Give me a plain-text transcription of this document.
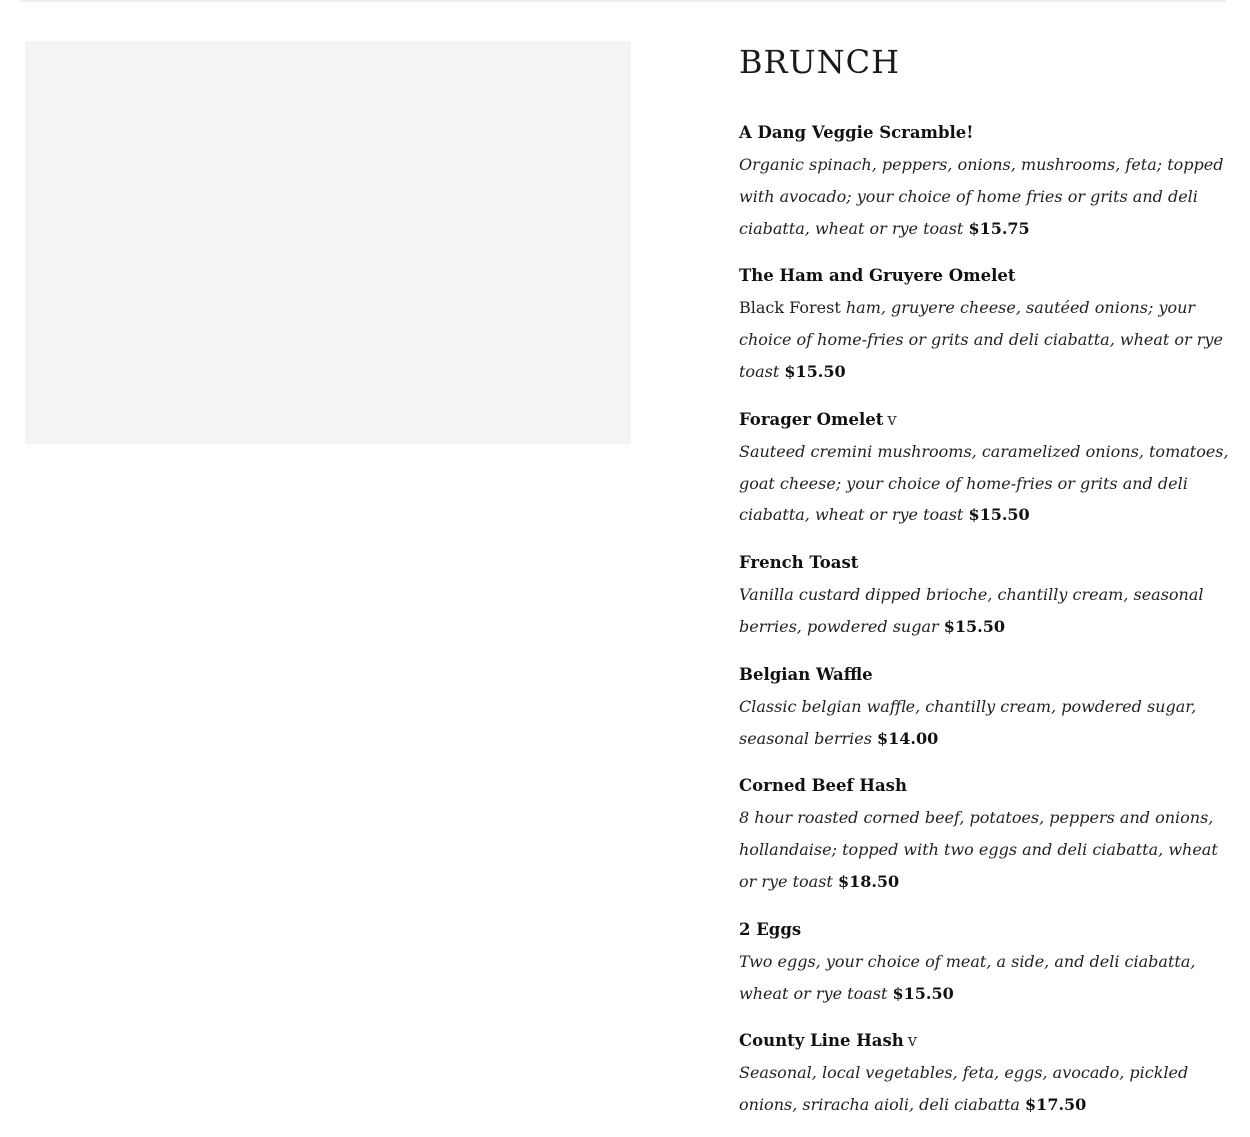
BRUNCH
A Dang Veggie Scramble!

Organic spinach, peppers, onions, mushrooms, feta; topped with avocado; your choice of home fries or grits and deli ciabatta, wheat or rye toast $15.75

The Ham and Gruyere Omelet

Black Forest ham, gruyere cheese, sautéed onions; your choice of home-fries or grits and deli ciabatta, wheat or rye toast $15.50

Forager Omelet v

Sauteed cremini mushrooms, caramelized onions, tomatoes, goat cheese; your choice of home-fries or grits and deli ciabatta, wheat or rye toast $15.50

French Toast

Vanilla custard dipped brioche, chantilly cream, seasonal berries, powdered sugar $15.50

Belgian Waffle

Classic belgian waffle, chantilly cream, powdered sugar, seasonal berries $14.00

Corned Beef Hash

8 hour roasted corned beef, potatoes, peppers and onions, hollandaise; topped with two eggs and deli ciabatta, wheat or rye toast $18.50

2 Eggs

Two eggs, your choice of meat, a side, and deli ciabatta, wheat or rye toast $15.50

County Line Hash v

Seasonal, local vegetables, feta, eggs, avocado, pickled onions, sriracha aioli, deli ciabatta $17.50
